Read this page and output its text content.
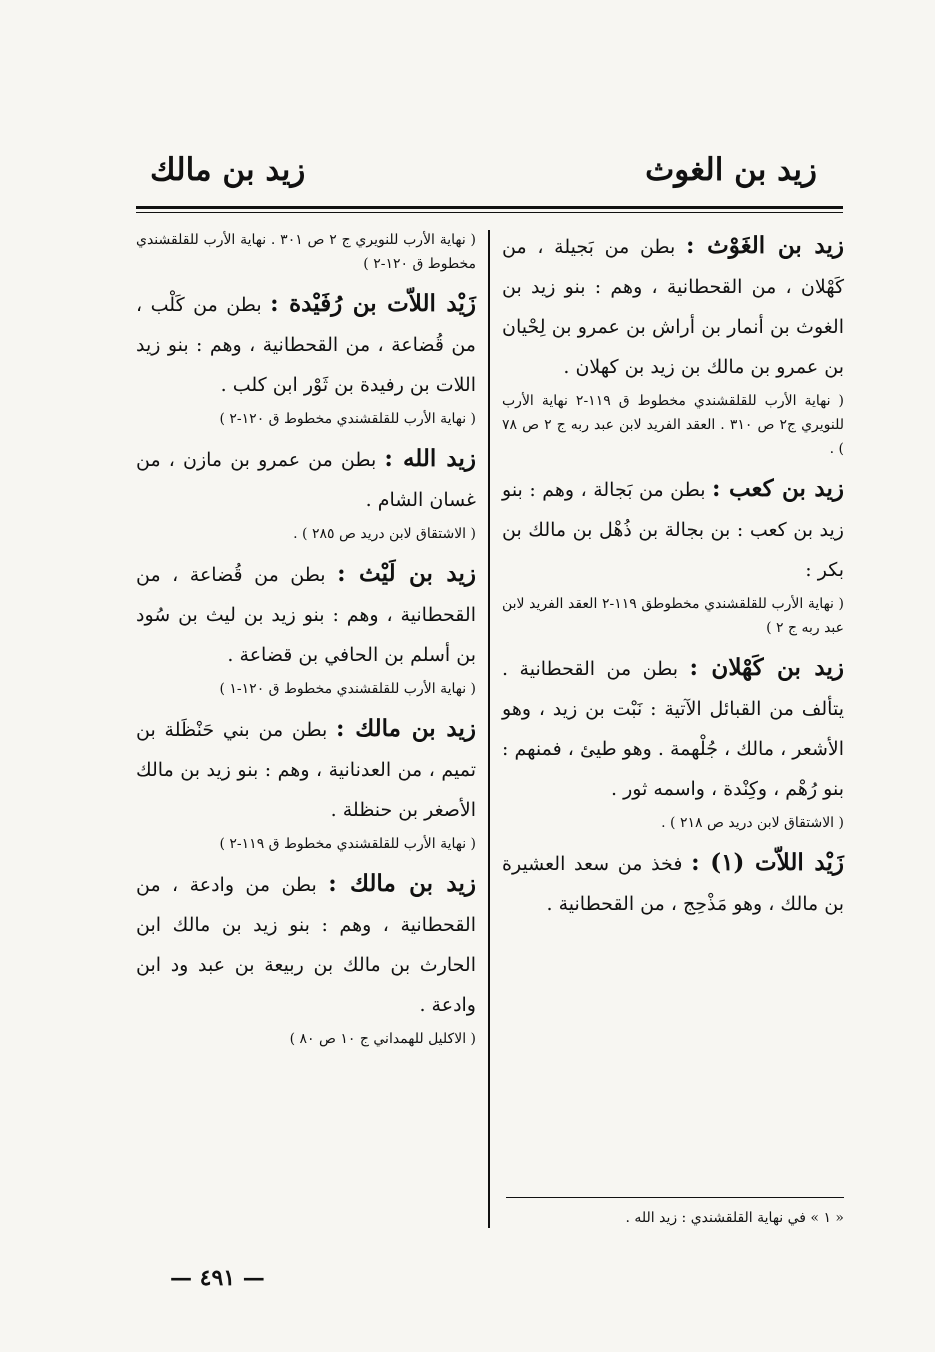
زيد بن الغوث
زيد بن مالك

زيد بن الغَوْث : بطن من بَجيلة ، من كَهْلان ، من القحطانية ، وهم : بنو زيد بن الغوث بن أنمار بن أراش بن عمرو بن لِحْيان بن عمرو بن مالك بن زيد بن كهلان .

( نهاية الأرب للقلقشندي مخطوط ق ١١٩-٢ نهاية الأرب للنويري ج٢ ص ٣١٠ . العقد الفريد لابن عبد ربه ج ٢ ص ٧٨ ) .

زيد بن كعب : بطن من بَجالة ، وهم : بنو زيد بن كعب : بن بجالة بن ذُهْل بن مالك بن بكر :

( نهاية الأرب للقلقشندي مخطوطق ١١٩-٢ العقد الفريد لابن عبد ربه ج ٢ )

زيد بن كَهْلان : بطن من القحطانية . يتألف من القبائل الآتية : نَبْت بن زيد ، وهو الأشعر ، مالك ، جُلْهمة . وهو طيئ ، فمنهم : بنو رُهْم ، وكِنْدة ، واسمه ثور .

( الاشتقاق لابن دريد ص ٢١٨ ) .

زَيْد اللاّت (١) : فخذ من سعد العشيرة بن مالك ، وهو مَذْحِج ، من القحطانية .

( نهاية الأرب للنويري ج ٢ ص ٣٠١ . نهاية الأرب للقلقشندي مخطوط ق ١٢٠-٢ )

زَيْد اللاّت بن رُفَيْدة : بطن من كَلْب ، من قُضاعة ، من القحطانية ، وهم : بنو زيد اللات بن رفيدة بن ثَوْر ابن كلب .

( نهاية الأرب للقلقشندي مخطوط ق ١٢٠-٢ )

زيد الله : بطن من عمرو بن مازن ، من غسان الشام .

( الاشتقاق لابن دريد ص ٢٨٥ ) .

زيد بن لَيْث : بطن من قُضاعة ، من القحطانية ، وهم : بنو زيد بن ليث بن سُود بن أسلم بن الحافي بن قضاعة .

( نهاية الأرب للقلقشندي مخطوط ق ١٢٠-١ )

زيد بن مالك : بطن من بني حَنْظَلة بن تميم ، من العدنانية ، وهم : بنو زيد بن مالك الأصغر بن حنظلة .

( نهاية الأرب للقلقشندي مخطوط ق ١١٩-٢ )

زيد بن مالك : بطن من وادعة ، من القحطانية ، وهم : بنو زيد بن مالك ابن الحارث بن مالك بن ربيعة بن عبد ود ابن وادعة .

( الاكليل للهمداني ج ١٠ ص ٨٠ )

« ١ » في نهاية القلقشندي : زيد الله .
— ٤٩١ —
